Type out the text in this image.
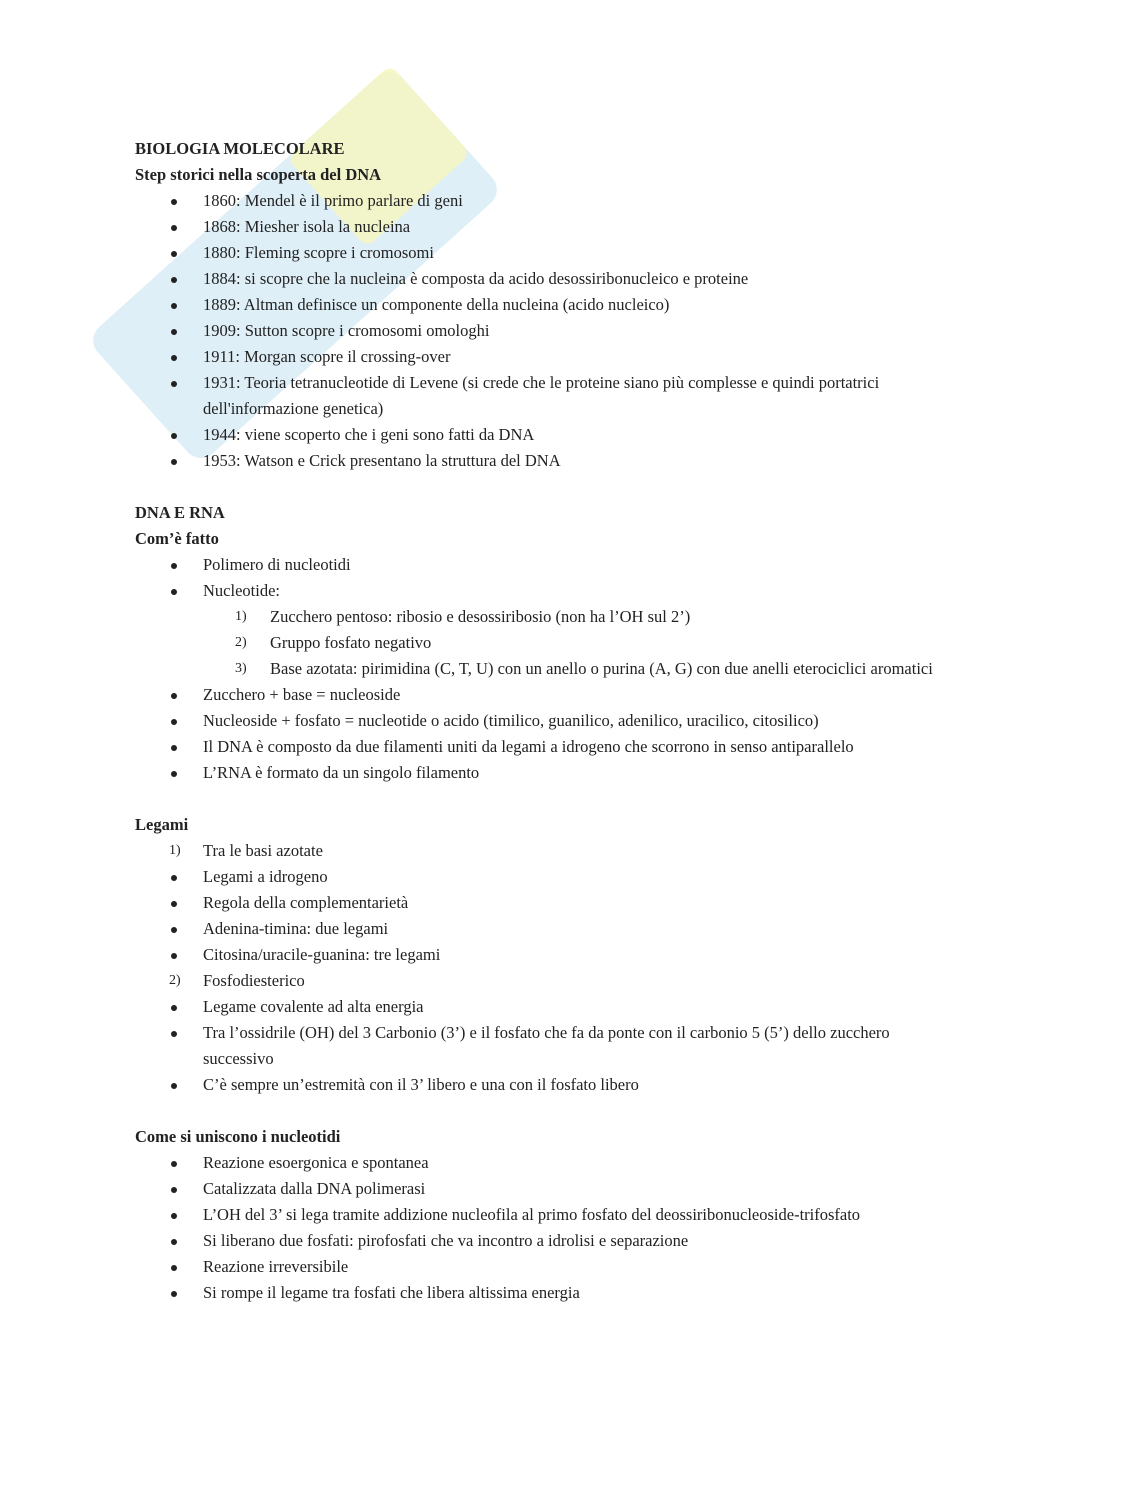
BIOLOGIA MOLECOLARE
Step storici nella scoperta del DNA
1860: Mendel è il primo parlare di geni
1868: Miesher isola la nucleina
1880: Fleming scopre i cromosomi
1884: si scopre che la nucleina è composta da acido desossiribonucleico e proteine
1889: Altman definisce un componente della nucleina (acido nucleico)
1909: Sutton scopre i cromosomi omologhi
1911: Morgan scopre il crossing-over
1931: Teoria tetranucleotide di Levene (si crede che le proteine siano più complesse e quindi portatrici
dell'informazione genetica)
1944: viene scoperto che i geni sono fatti da DNA
1953: Watson e Crick presentano la struttura del DNA
DNA E RNA
Com’è fatto
Polimero di nucleotidi
Nucleotide:
1) Zucchero pentoso: ribosio e desossiribosio (non ha l’OH sul 2’)
2) Gruppo fosfato negativo
3) Base azotata: pirimidina (C, T, U) con un anello o purina (A, G) con due anelli eterociclici aromatici
Zucchero + base = nucleoside
Nucleoside + fosfato = nucleotide o acido (timilico, guanilico, adenilico, uracilico, citosilico)
Il DNA è composto da due filamenti uniti da legami a idrogeno che scorrono in senso antiparallelo
L’RNA è formato da un singolo filamento
Legami
1)	Tra le basi azotate
Legami a idrogeno
Regola della complementarietà
Adenina-timina: due legami
Citosina/uracile-guanina: tre legami
2)	Fosfodiesterico
Legame covalente ad alta energia
Tra l’ossidrile (OH) del 3 Carbonio (3’) e il fosfato che fa da ponte con il carbonio 5 (5’) dello zucchero
successivo
C’è sempre un’estremità con il 3’ libero e una con il fosfato libero
Come si uniscono i nucleotidi
Reazione esoergonica e spontanea
Catalizzata dalla DNA polimerasi
L’OH del 3’ si lega tramite addizione nucleofila al primo fosfato del deossiribonucleoside-trifosfato
Si liberano due fosfati: pirofosfati che va incontro a idrolisi e separazione
Reazione irreversibile
Si rompe il legame tra fosfati che libera altissima energia
